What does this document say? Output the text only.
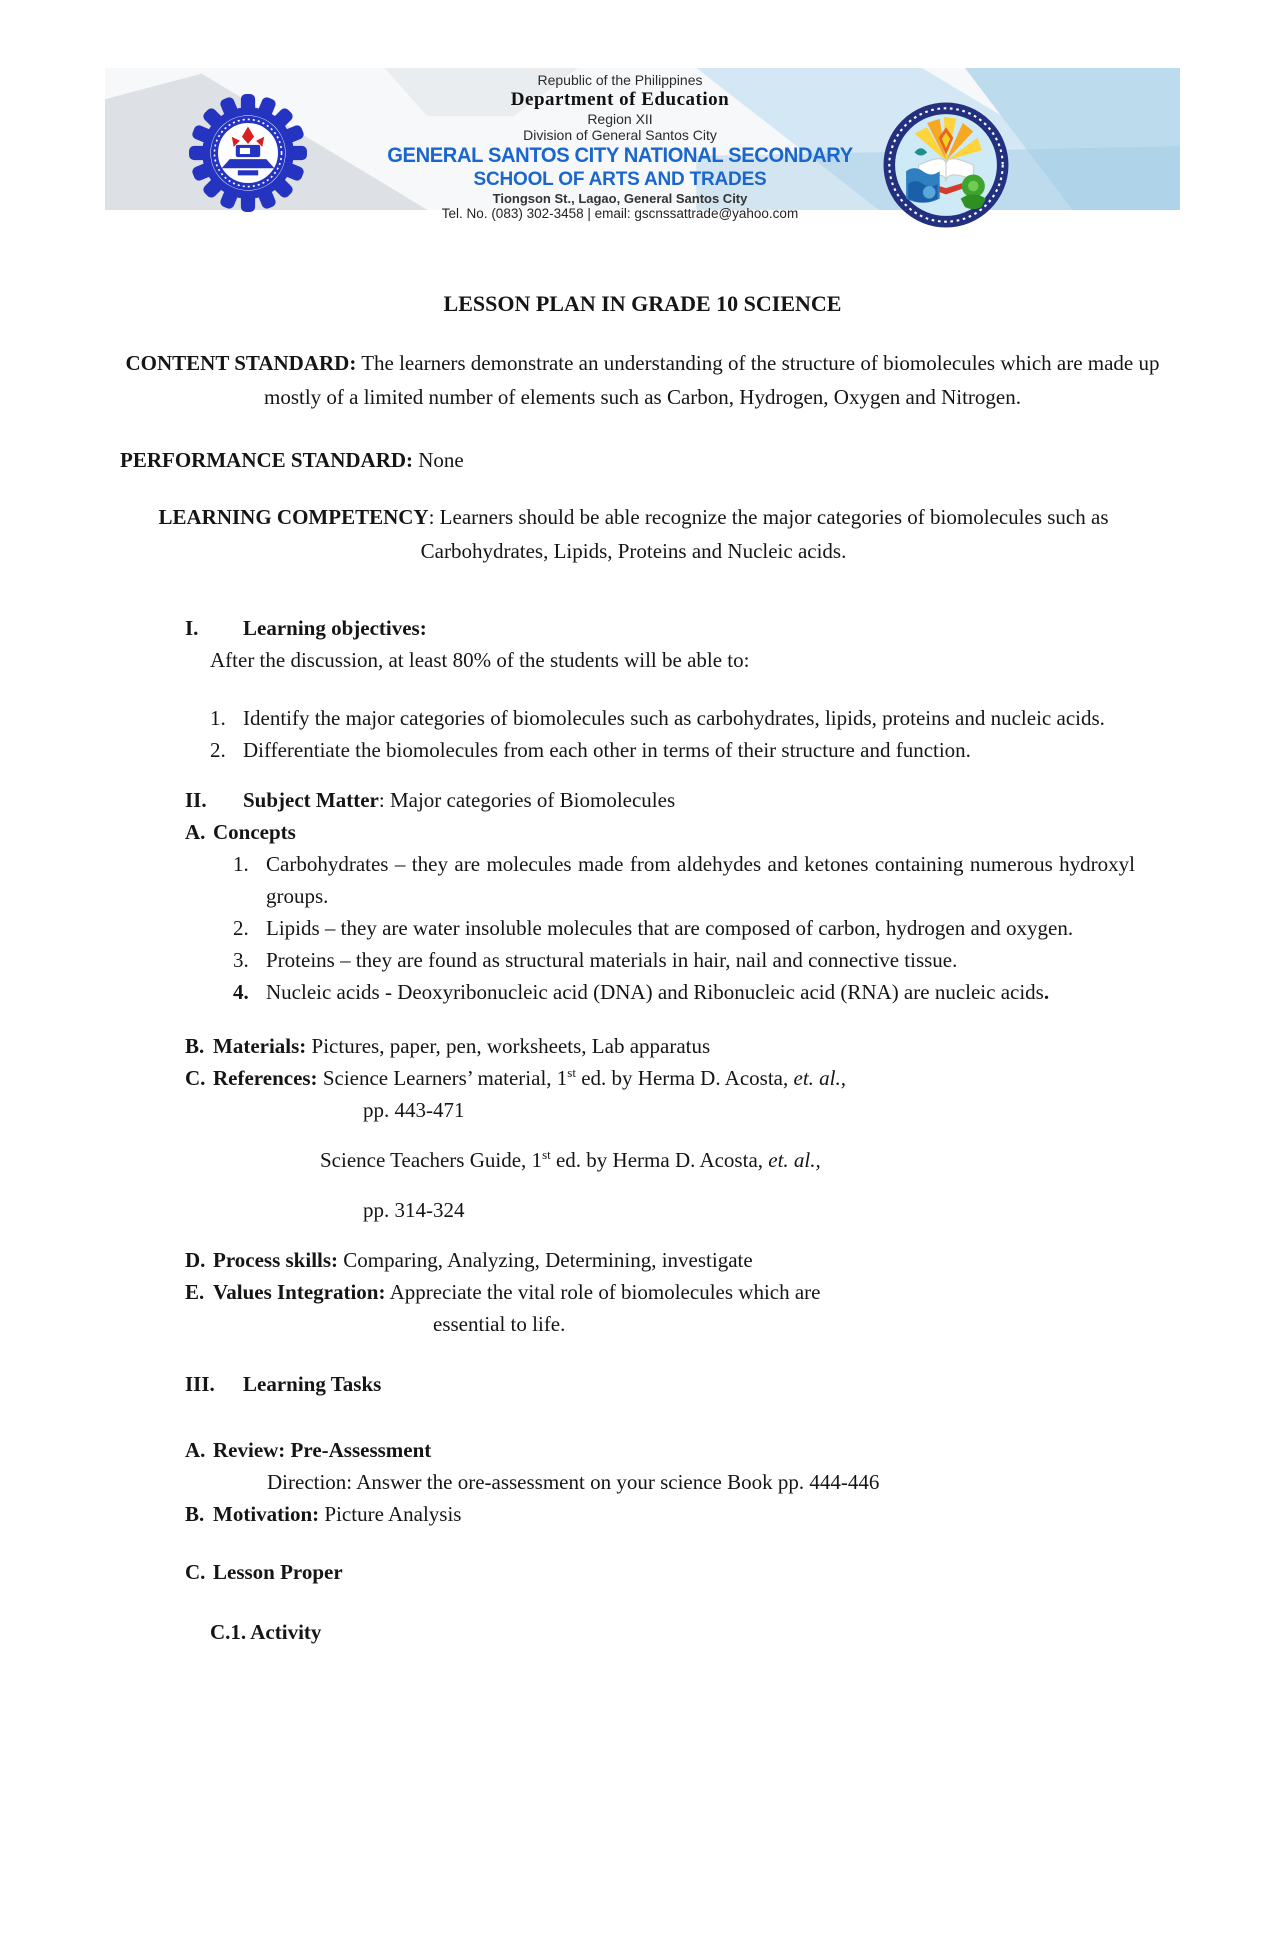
Republic of the Philippines
Department of Education
Region XII
Division of General Santos City
GENERAL SANTOS CITY NATIONAL SECONDARY
SCHOOL OF ARTS AND TRADES
Tiongson St., Lagao, General Santos City
Tel. No. (083) 302-3458 | email: gscnssattrade@yahoo.com
LESSON PLAN IN GRADE 10 SCIENCE
CONTENT STANDARD: The learners demonstrate an understanding of the structure of biomolecules which are made up mostly of a limited number of elements such as Carbon, Hydrogen, Oxygen and Nitrogen.
PERFORMANCE STANDARD: None
LEARNING COMPETENCY: Learners should be able recognize the major categories of biomolecules such as Carbohydrates, Lipids, Proteins and Nucleic acids.
I.	Learning objectives:
After the discussion, at least 80% of the students will be able to:
1. Identify the major categories of biomolecules such as carbohydrates, lipids, proteins and nucleic acids.
2. Differentiate the biomolecules from each other in terms of their structure and function.
II.	Subject Matter: Major categories of Biomolecules
A. Concepts
1. Carbohydrates – they are molecules made from aldehydes and ketones containing numerous hydroxyl groups.
2. Lipids – they are water insoluble molecules that are composed of carbon, hydrogen and oxygen.
3. Proteins – they are found as structural materials in hair, nail and connective tissue.
4. Nucleic acids - Deoxyribonucleic acid (DNA) and Ribonucleic acid (RNA) are nucleic acids.
B. Materials: Pictures, paper, pen, worksheets, Lab apparatus
C. References: Science Learners’ material, 1st ed. by Herma D. Acosta, et. al.,
pp. 443-471
Science Teachers Guide, 1st ed. by Herma D. Acosta, et. al.,
pp. 314-324
D. Process skills: Comparing, Analyzing, Determining, investigate
E. Values Integration: Appreciate the vital role of biomolecules which are
essential to life.
III.	Learning Tasks
A. Review: Pre-Assessment
Direction: Answer the ore-assessment on your science Book pp. 444-446
B. Motivation: Picture Analysis
C. Lesson Proper
C.1. Activity
